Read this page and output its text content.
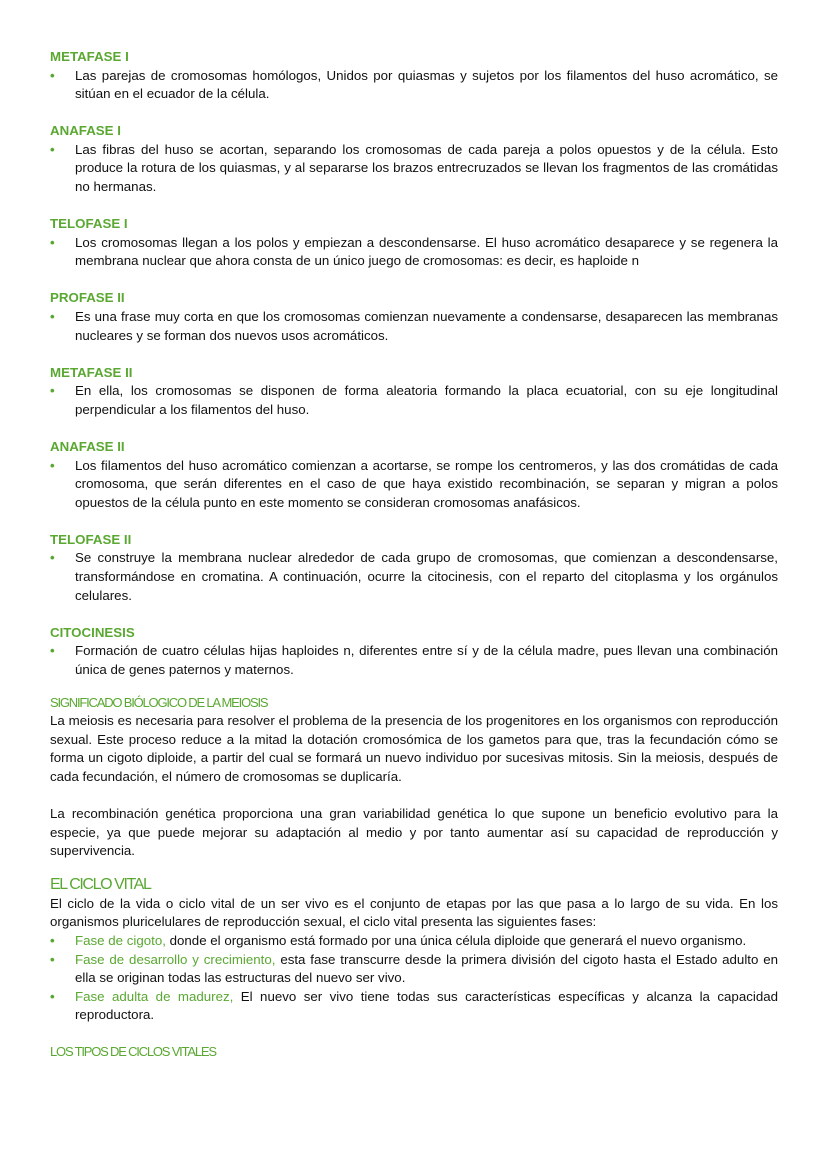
METAFASE I
•	Las parejas de cromosomas homólogos, Unidos por quiasmas y sujetos por los filamentos del huso acromático, se sitúan en el ecuador de la célula.
ANAFASE I
•	Las fibras del huso se acortan, separando los cromosomas de cada pareja a polos opuestos y de la célula. Esto produce la rotura de los quiasmas, y al separarse los brazos entrecruzados se llevan los fragmentos de las cromátidas no hermanas.
TELOFASE I
•	Los cromosomas llegan a los polos y empiezan a descondensarse. El huso acromático desaparece y se regenera la membrana nuclear que ahora consta de un único juego de cromosomas: es decir, es haploide n
PROFASE II
•	Es una frase muy corta en que los cromosomas comienzan nuevamente a condensarse, desaparecen las membranas nucleares y se forman dos nuevos usos acromáticos.
METAFASE II
•	En ella, los cromosomas se disponen de forma aleatoria formando la placa ecuatorial, con su eje longitudinal perpendicular a los filamentos del huso.
ANAFASE II
•	Los filamentos del huso acromático comienzan a acortarse, se rompe los centromeros, y las dos cromátidas de cada cromosoma, que serán diferentes en el caso de que haya existido recombinación, se separan y migran a polos opuestos de la célula punto en este momento se consideran cromosomas anafásicos.
TELOFASE II
•	Se construye la membrana nuclear alrededor de cada grupo de cromosomas, que comienzan a descondensarse, transformándose en cromatina. A continuación, ocurre la citocinesis, con el reparto del citoplasma y los orgánulos celulares.
CITOCINESIS
•	Formación de cuatro células hijas haploides n, diferentes entre sí y de la célula madre, pues llevan una combinación única de genes paternos y maternos.
SIGNIFICADO BIÓLOGICO DE LA MEIOSIS
La meiosis es necesaria para resolver el problema de la presencia de los progenitores en los organismos con reproducción sexual. Este proceso reduce a la mitad la dotación cromosómica de los gametos para que, tras la fecundación cómo se forma un cigoto diploide, a partir del cual se formará un nuevo individuo por sucesivas mitosis. Sin la meiosis, después de cada fecundación, el número de cromosomas se duplicaría.
La recombinación genética proporciona una gran variabilidad genética lo que supone un beneficio evolutivo para la especie, ya que puede mejorar su adaptación al medio y por tanto aumentar así su capacidad de reproducción y supervivencia.
EL CICLO VITAL
El ciclo de la vida o ciclo vital de un ser vivo es el conjunto de etapas por las que pasa a lo largo de su vida. En los organismos pluricelulares de reproducción sexual, el ciclo vital presenta las siguientes fases:
•	Fase de cigoto, donde el organismo está formado por una única célula diploide que generará el nuevo organismo.
•	Fase de desarrollo y crecimiento, esta fase transcurre desde la primera división del cigoto hasta el Estado adulto en ella se originan todas las estructuras del nuevo ser vivo.
•	Fase adulta de madurez, El nuevo ser vivo tiene todas sus características específicas y alcanza la capacidad reproductora.
LOS TIPOS DE CICLOS VITALES
